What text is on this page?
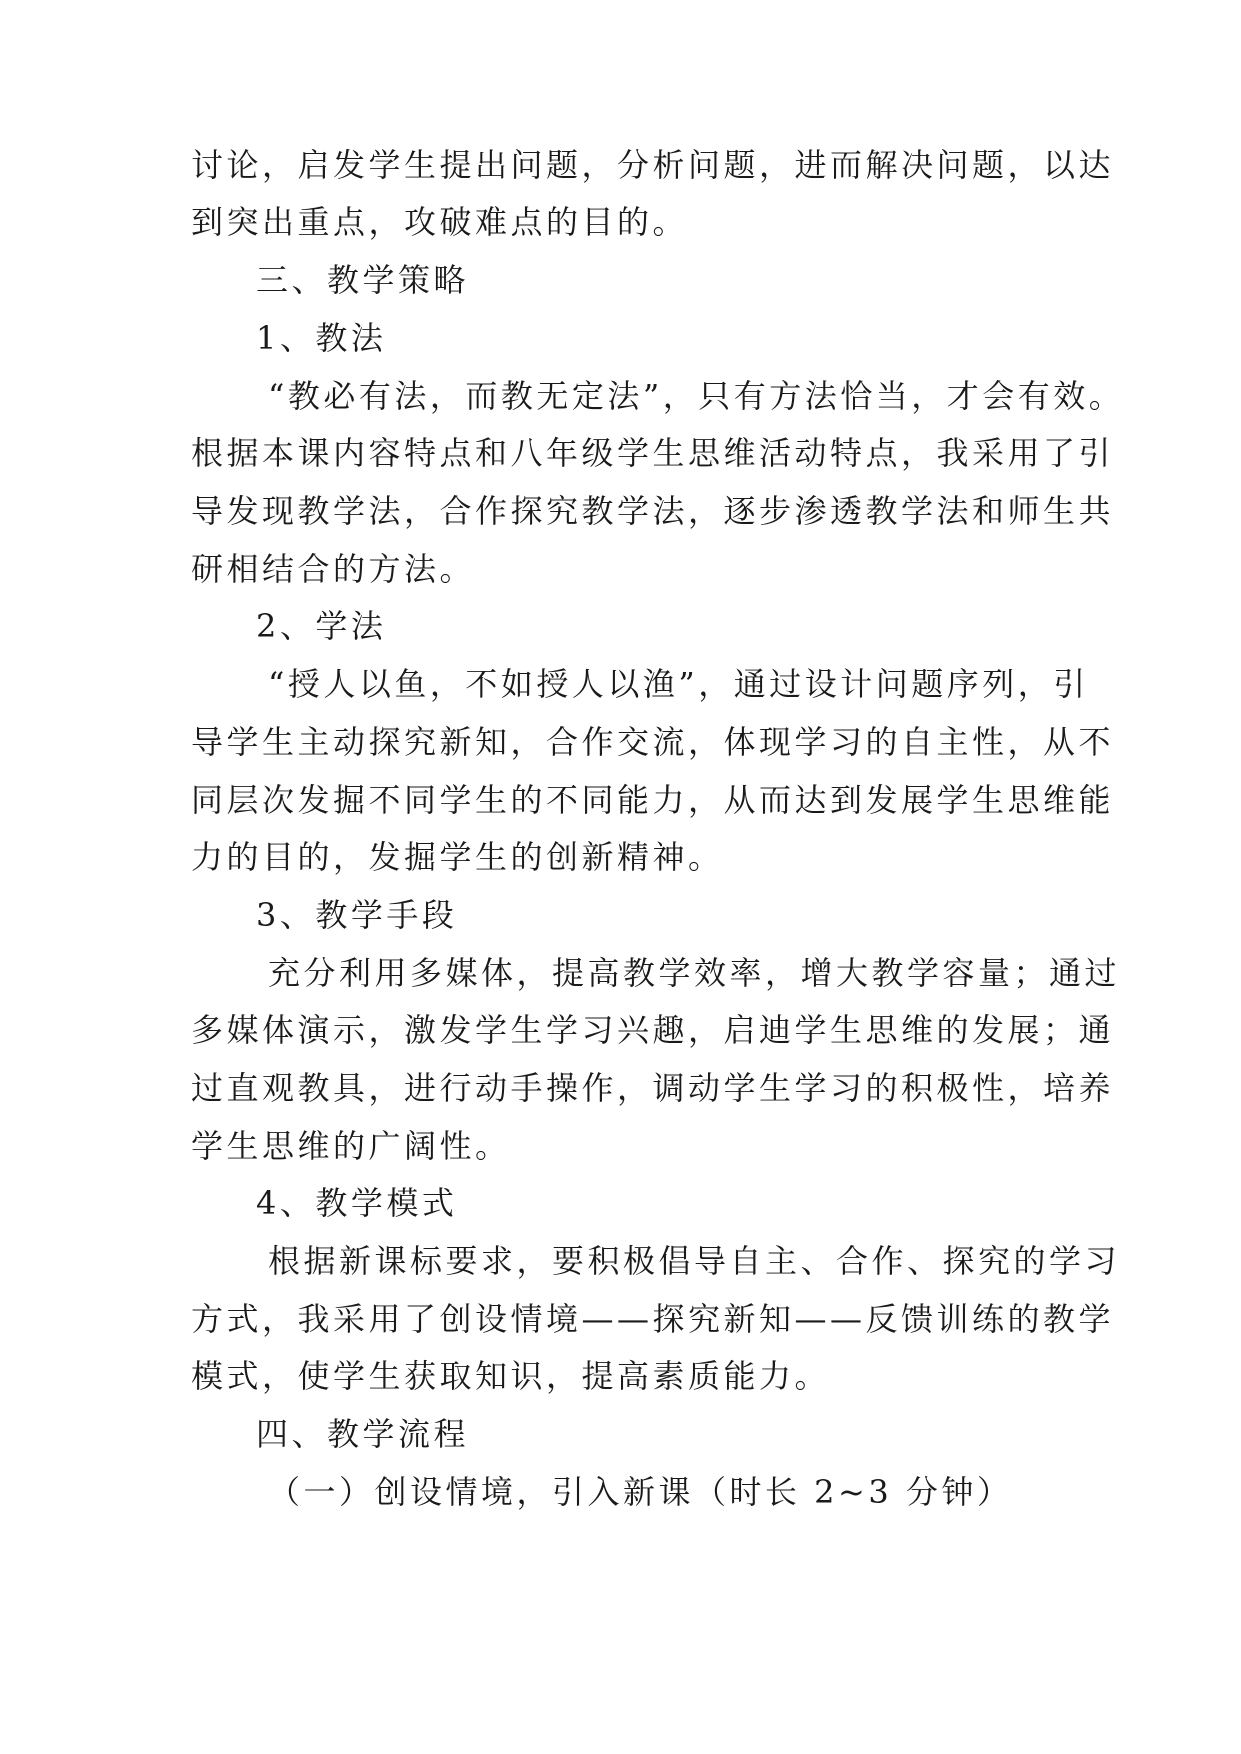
讨论，启发学生提出问题，分析问题，进而解决问题，以达
到突出重点，攻破难点的目的。
三、教学策略
1、教法
“教必有法，而教无定法”，只有方法恰当，才会有效。
根据本课内容特点和八年级学生思维活动特点，我采用了引
导发现教学法，合作探究教学法，逐步渗透教学法和师生共
研相结合的方法。
2、学法
“授人以鱼，不如授人以渔”，通过设计问题序列，引
导学生主动探究新知，合作交流，体现学习的自主性，从不
同层次发掘不同学生的不同能力，从而达到发展学生思维能
力的目的，发掘学生的创新精神。
3、教学手段
充分利用多媒体，提高教学效率，增大教学容量；通过
多媒体演示，激发学生学习兴趣，启迪学生思维的发展；通
过直观教具，进行动手操作，调动学生学习的积极性，培养
学生思维的广阔性。
4、教学模式
根据新课标要求，要积极倡导自主、合作、探究的学习
方式，我采用了创设情境——探究新知——反馈训练的教学
模式，使学生获取知识，提高素质能力。
四、教学流程
（一）创设情境，引入新课（时长 2~3 分钟）
